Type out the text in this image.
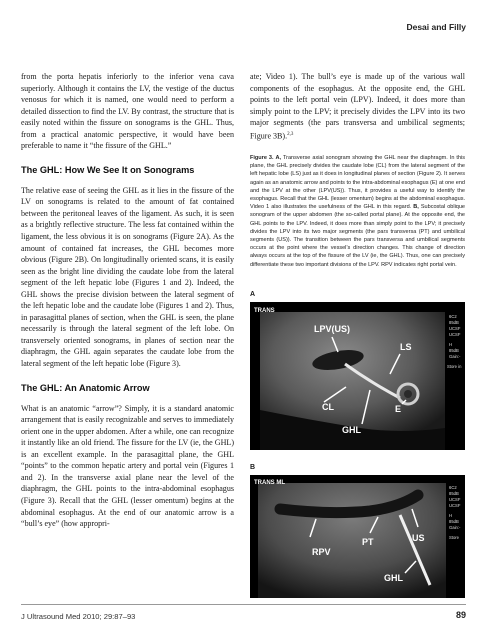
Desai and Filly

from the porta hepatis inferiorly to the inferior vena cava superiorly. Although it contains the LV, the vestige of the ductus venosus for which it is named, one would need to perform a detailed dissection to find the LV. By contrast, the structure that is easily noted within the fissure on sonograms is the GHL. Thus, from a practical anatomic perspective, it would have been preferable to name it “the fissure of the GHL.”

The GHL: How We See It on Sonograms

The relative ease of seeing the GHL as it lies in the fissure of the LV on sonograms is related to the amount of fat contained between the peritoneal leaves of the ligament. As such, it is seen as a brightly reflective structure. The less fat contained within the ligament, the less obvious it is on sonograms (Figure 2A). As the amount of contained fat increases, the GHL becomes more obvious (Figure 2B). On longitudinally oriented scans, it is easily seen as the bright line dividing the caudate lobe from the lateral segment of the left hepatic lobe (Figures 1 and 2). Indeed, the GHL shows the precise division between the lateral segment of the left hepatic lobe and the caudate lobe (Figures 1 and 2). Thus, in parasagittal planes of section, when the GHL is seen, the plane necessarily is through the lateral segment of the left lobe. On transversely oriented sonograms, in planes of section near the diaphragm, the GHL again separates the caudate lobe from the lateral segment of the left hepatic lobe (Figure 3).

The GHL: An Anatomic Arrow

What is an anatomic “arrow”? Simply, it is a standard anatomic arrangement that is easily recognizable and serves to immediately orient one in the upper abdomen. After a while, one can recognize it instantly like an old friend. The fissure for the LV (ie, the GHL) is an excellent example. In the parasagittal plane, the GHL “points” to the common hepatic artery and portal vein (Figures 1 and 2). In the transverse axial plane near the level of the diaphragm, the GHL points to the intra-abdominal esophagus (Figure 3). Recall that the GHL (lesser omentum) begins at the abdominal esophagus. At the end of our anatomic arrow is a “bull’s eye” (how appropri-

ate; Video 1). The bull’s eye is made up of the various wall components of the esophagus. At the opposite end, the GHL points to the left portal vein (LPV). Indeed, it does more than simply point to the LPV; it precisely divides the LPV into its two major segments (the pars transversa and umbilical segments; Figure 3B).$^{2,3}$

Figure 3. A, Transverse axial sonogram showing the GHL near the diaphragm. In this plane, the GHL precisely divides the caudate lobe (CL) from the lateral segment of the left hepatic lobe (LS) just as it does in longitudinal planes of section (Figure 2). It serves again as an anatomic arrow and points to the intra-abdominal esophagus (E) at one end and the LPV at the other (LPV(US)). Thus, it provides a useful way to identify the esophagus. Recall that the GHL (lesser omentum) begins at the abdominal esophagus. Video 1 also illustrates the usefulness of the GHL in this regard. B, Subcostal oblique sonogram of the upper abdomen (the so-called portal plane). At the opposite end, the GHL points to the LPV. Indeed, it does more than simply point to the LPV; it precisely divides the LPV into its two major segments (the pars transversa (PT) and umbilical segments (US)). The transition between the pars transversa and umbilical segments occurs at the point where the vessel’s direction changes. This change of direction always occurs at the top of the fissure of the LV (ie, the GHL). Thus, one can precisely differentiate these two important divisions of the LPV. RPV indicates right portal vein.

A
TRANS
LPV(US)
LS
E
CL
GHL
6C2
85dB
UCSF
UCSF
H
85dB
Gain:-
Store in
B
TRANS ML
RPV
PT	US
GHL
6C2
85dB
UCSF
UCSF
H
85dB
Gain:-
Store
J Ultrasound Med 2010; 29:87–93	89
